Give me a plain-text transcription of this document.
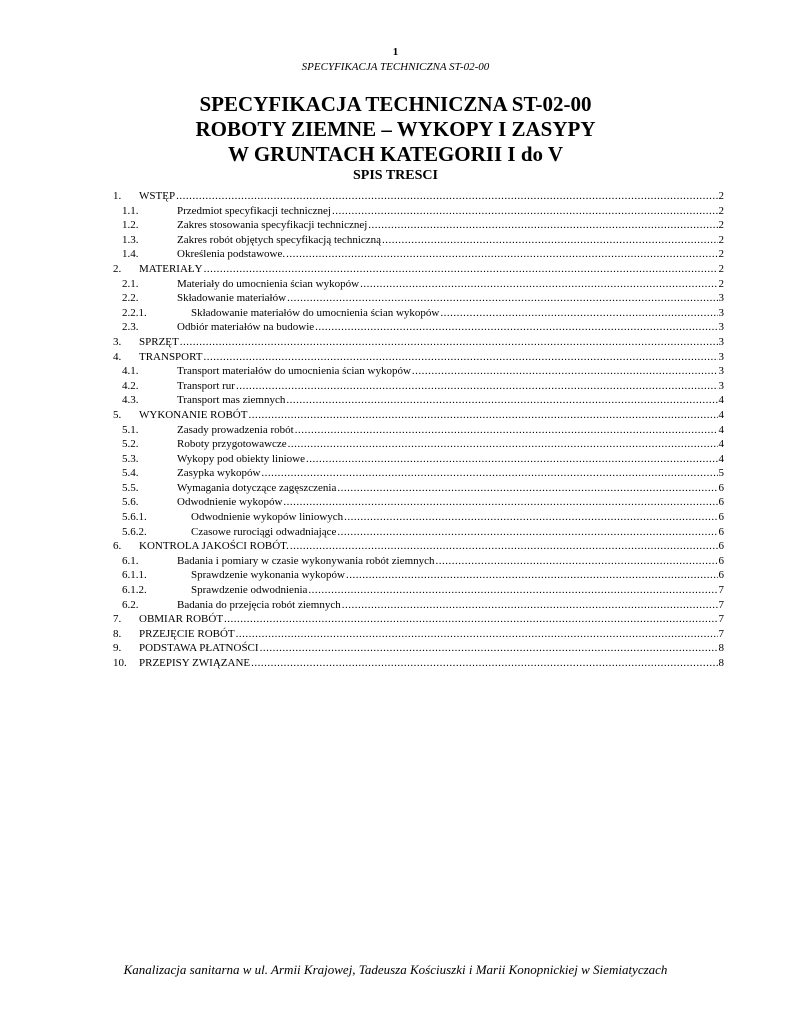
1
SPECYFIKACJA TECHNICZNA ST-02-00
SPECYFIKACJA TECHNICZNA ST-02-00
ROBOTY ZIEMNE – WYKOPY I ZASYPY
W GRUNTACH KATEGORII I do V
SPIS TRESCI
1.	WSTĘP .....	2
1.1.	Przedmiot specyfikacji technicznej .....	2
1.2.	Zakres stosowania specyfikacji technicznej .....	2
1.3.	Zakres robót objętych specyfikacją techniczną .....	2
1.4.	Określenia podstawowe. .....	2
2.	MATERIAŁY .....	2
2.1.	Materiały do umocnienia ścian wykopów .....	2
2.2.	Składowanie materiałów .....	3
2.2.1.	Składowanie materiałów do umocnienia ścian wykopów .....	3
2.3.	Odbiór materiałów na budowie .....	3
3.	SPRZĘT .....	3
4.	TRANSPORT .....	3
4.1.	Transport materiałów do umocnienia ścian wykopów .....	3
4.2.	Transport rur .....	3
4.3.	Transport mas ziemnych .....	4
5.	WYKONANIE ROBÓT .....	4
5.1.	Zasady prowadzenia robót .....	4
5.2.	Roboty przygotowawcze .....	4
5.3.	Wykopy pod obiekty liniowe .....	4
5.4.	Zasypka wykopów .....	5
5.5.	Wymagania dotyczące zagęszczenia .....	6
5.6.	Odwodnienie wykopów .....	6
5.6.1.	Odwodnienie wykopów liniowych .....	6
5.6.2.	Czasowe rurociągi odwadniające .....	6
6.	KONTROLA JAKOŚCI ROBÓT. .....	6
6.1.	Badania i pomiary w czasie wykonywania robót ziemnych .....	6
6.1.1.	Sprawdzenie wykonania wykopów .....	6
6.1.2.	Sprawdzenie odwodnienia .....	7
6.2.	Badania do przejęcia robót ziemnych .....	7
7.	OBMIAR ROBÓT .....	7
8.	PRZEJĘCIE ROBÓT .....	7
9.	PODSTAWA PŁATNOŚCI .....	8
10.	PRZEPISY ZWIĄZANE .....	8
Kanalizacja sanitarna w ul. Armii Krajowej, Tadeusza Kościuszki i Marii Konopnickiej w Siemiatyczach
